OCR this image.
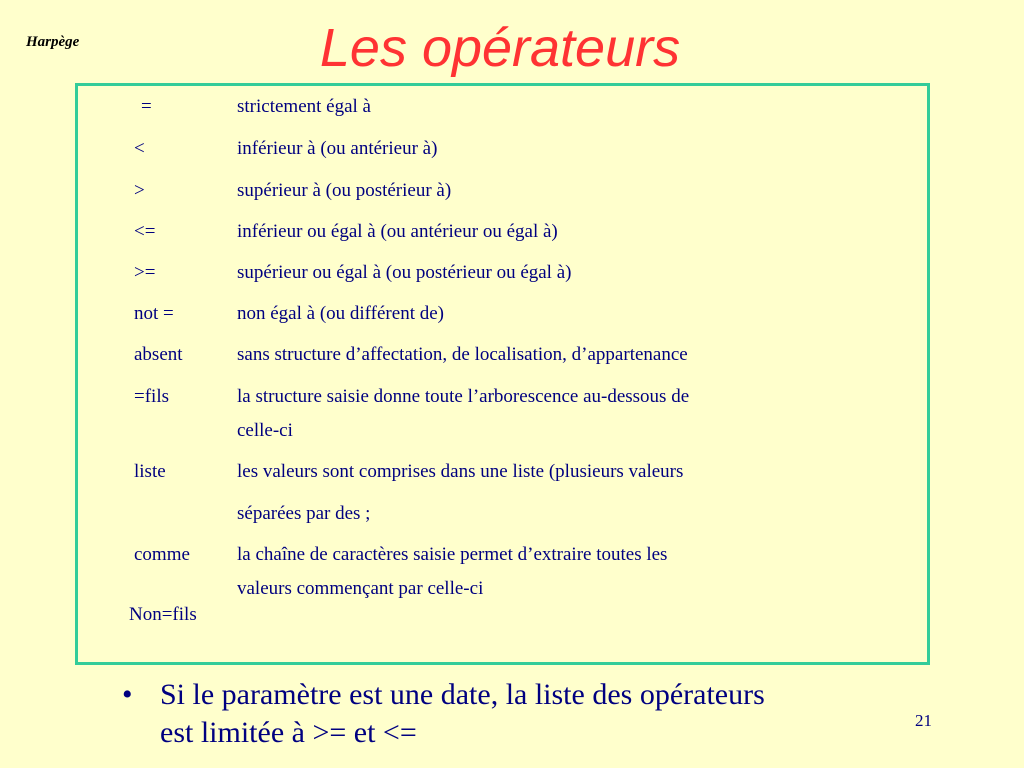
Harpège	Les opérateurs
=	strictement égal à
<	inférieur à (ou antérieur à)
>	supérieur à (ou postérieur à)
<=	inférieur ou égal à (ou antérieur ou égal à)
>=	supérieur ou égal à (ou postérieur ou égal à)
not =	non égal à (ou différent de)
absent	sans structure d’affectation, de localisation, d’appartenance
=fils	la structure saisie donne toute l’arborescence au-dessous de
celle-ci
liste	les valeurs sont comprises dans une liste (plusieurs valeurs
séparées par des ;
comme la chaîne de caractères saisie permet d’extraire toutes les
valeurs commençant par celle-ci
Non=fils
• Si le paramètre est une date, la liste des opérateurs
est limitée à >= et <=	21
